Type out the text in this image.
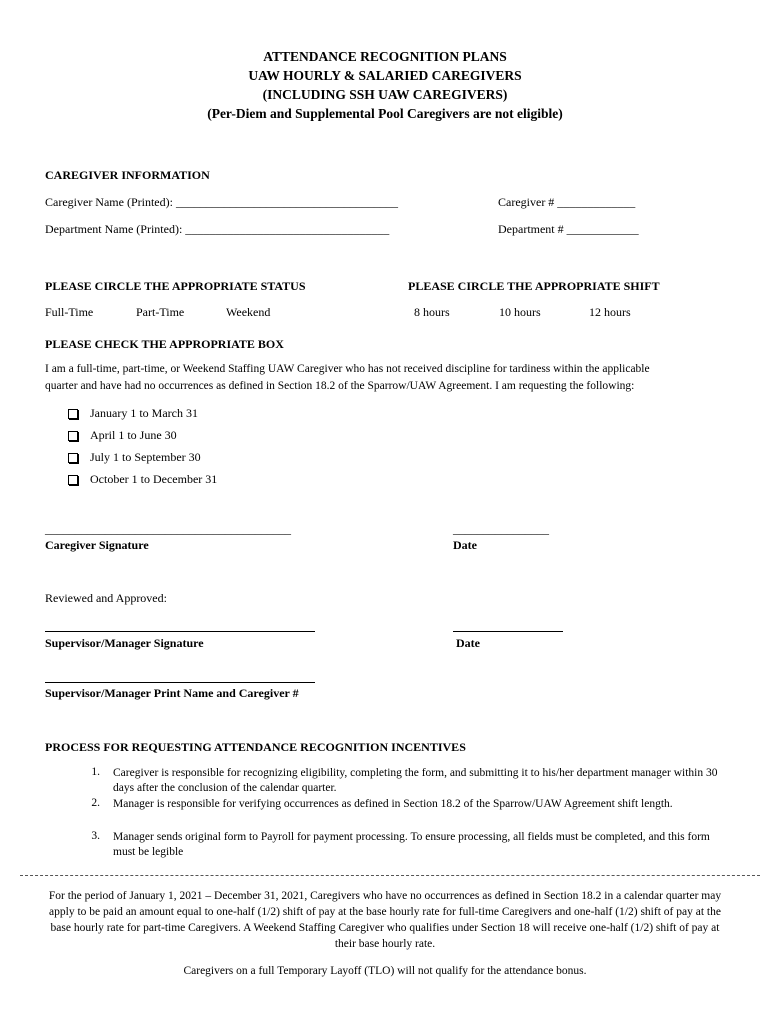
ATTENDANCE RECOGNITION PLANS
UAW HOURLY & SALARIED CAREGIVERS
(INCLUDING SSH UAW CAREGIVERS)
(Per-Diem and Supplemental Pool Caregivers are not eligible)
CAREGIVER INFORMATION
Caregiver Name (Printed): _____________________________________	Caregiver # _____________
Department Name (Printed): __________________________________	Department # ____________
PLEASE CIRCLE THE APPROPRIATE STATUS	PLEASE CIRCLE THE APPROPRIATE SHIFT
Full-Time	Part-Time	Weekend	8 hours	10 hours	12 hours
PLEASE CHECK THE APPROPRIATE BOX
I am a full-time, part-time, or Weekend Staffing UAW Caregiver who has not received discipline for tardiness within the applicable
quarter and have had no occurrences as defined in Section 18.2 of the Sparrow/UAW Agreement. I am requesting the following:
January 1 to March 31
April 1 to June 30
July 1 to September 30
October 1 to December 31
_________________________________________	________________
Caregiver Signature	Date
Reviewed and Approved:
Supervisor/Manager Signature	Date
Supervisor/Manager Print Name and Caregiver #
PROCESS FOR REQUESTING ATTENDANCE RECOGNITION INCENTIVES
1. Caregiver is responsible for recognizing eligibility, completing the form, and submitting it to his/her department manager within 30 days after the conclusion of the calendar quarter.
2. Manager is responsible for verifying occurrences as defined in Section 18.2 of the Sparrow/UAW Agreement shift length.
3. Manager sends original form to Payroll for payment processing. To ensure processing, all fields must be completed, and this form must be legible
For the period of January 1, 2021 – December 31, 2021, Caregivers who have no occurrences as defined in Section 18.2 in a calendar quarter may apply to be paid an amount equal to one-half (1/2) shift of pay at the base hourly rate for full-time Caregivers and one-half (1/2) shift of pay at the base hourly rate for part-time Caregivers. A Weekend Staffing Caregiver who qualifies under Section 18 will receive one-half (1/2) shift of pay at their base hourly rate.
Caregivers on a full Temporary Layoff (TLO) will not qualify for the attendance bonus.
